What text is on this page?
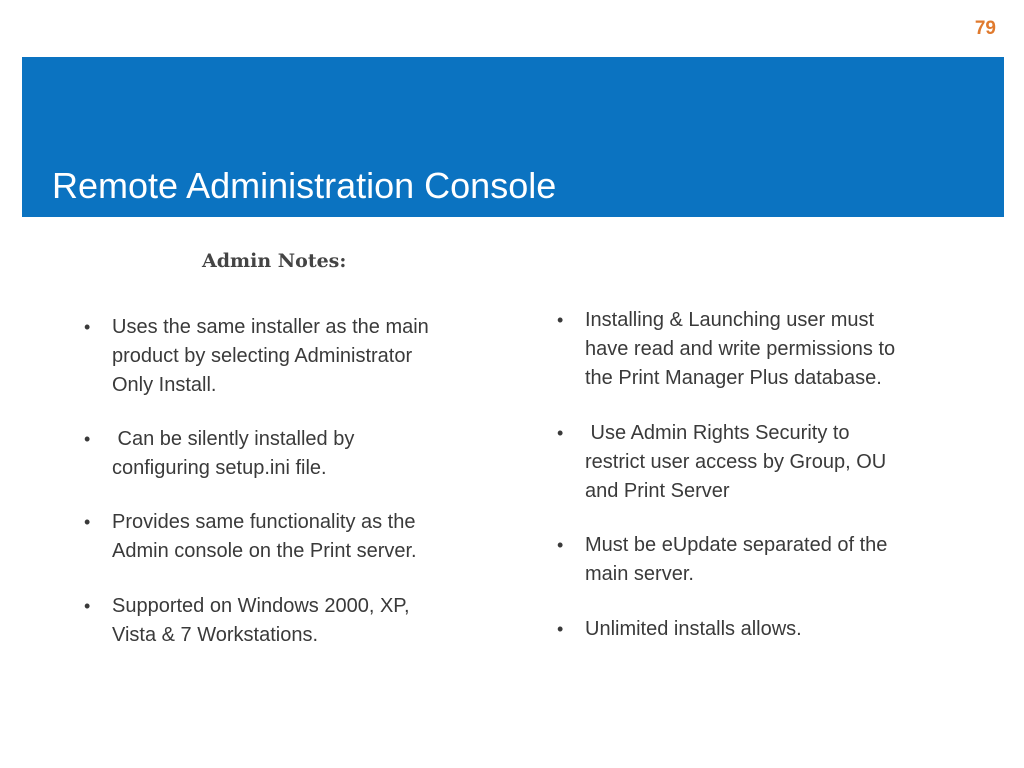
79
Remote Administration Console
Admin Notes:
• Uses the same installer as the main
product by selecting Administrator
Only Install.
• Can be silently installed by
configuring setup.ini file.
• Provides same functionality as the
Admin console on the Print server.
• Supported on Windows 2000, XP,
Vista & 7 Workstations.
• Installing & Launching user must
have read and write permissions to
the Print Manager Plus database.
• Use Admin Rights Security to
restrict user access by Group, OU
and Print Server
• Must be eUpdate separated of the
main server.
• Unlimited installs allows.
